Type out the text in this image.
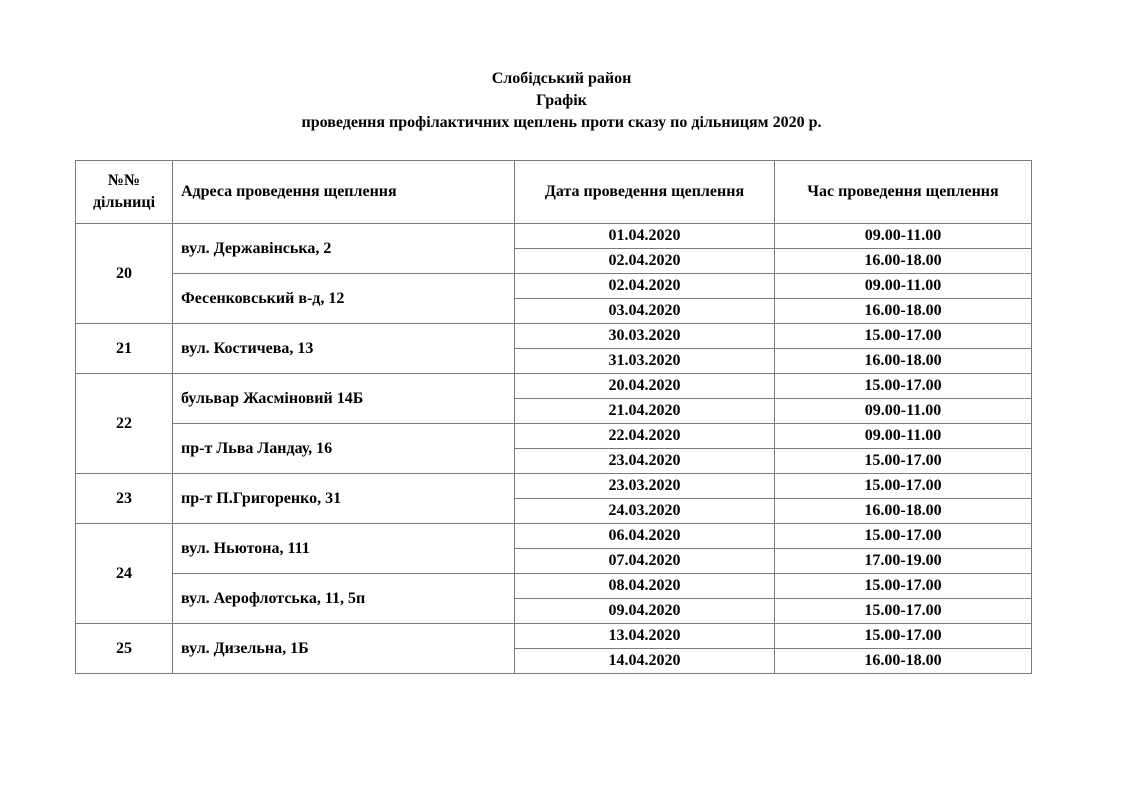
Слобідський район
Графік
проведення профілактичних щеплень проти сказу по дільницям 2020 р.
№№
дільниці	Адреса проведення щеплення	Дата проведення щеплення	Час проведення щеплення
20	вул. Державінська, 2	01.04.2020	09.00-11.00
		02.04.2020	16.00-18.00
	Фесенковський в-д, 12	02.04.2020	09.00-11.00
		03.04.2020	16.00-18.00
21	вул. Костичева, 13	30.03.2020	15.00-17.00
		31.03.2020	16.00-18.00
22	бульвар Жасміновий 14Б	20.04.2020	15.00-17.00
		21.04.2020	09.00-11.00
	пр-т Льва Ландау, 16	22.04.2020	09.00-11.00
		23.04.2020	15.00-17.00
23	пр-т П.Григоренко, 31	23.03.2020	15.00-17.00
		24.03.2020	16.00-18.00
24	вул. Ньютона, 111	06.04.2020	15.00-17.00
		07.04.2020	17.00-19.00
	вул. Аерофлотська, 11, 5п	08.04.2020	15.00-17.00
		09.04.2020	15.00-17.00
25	вул. Дизельна, 1Б	13.04.2020	15.00-17.00
		14.04.2020	16.00-18.00
